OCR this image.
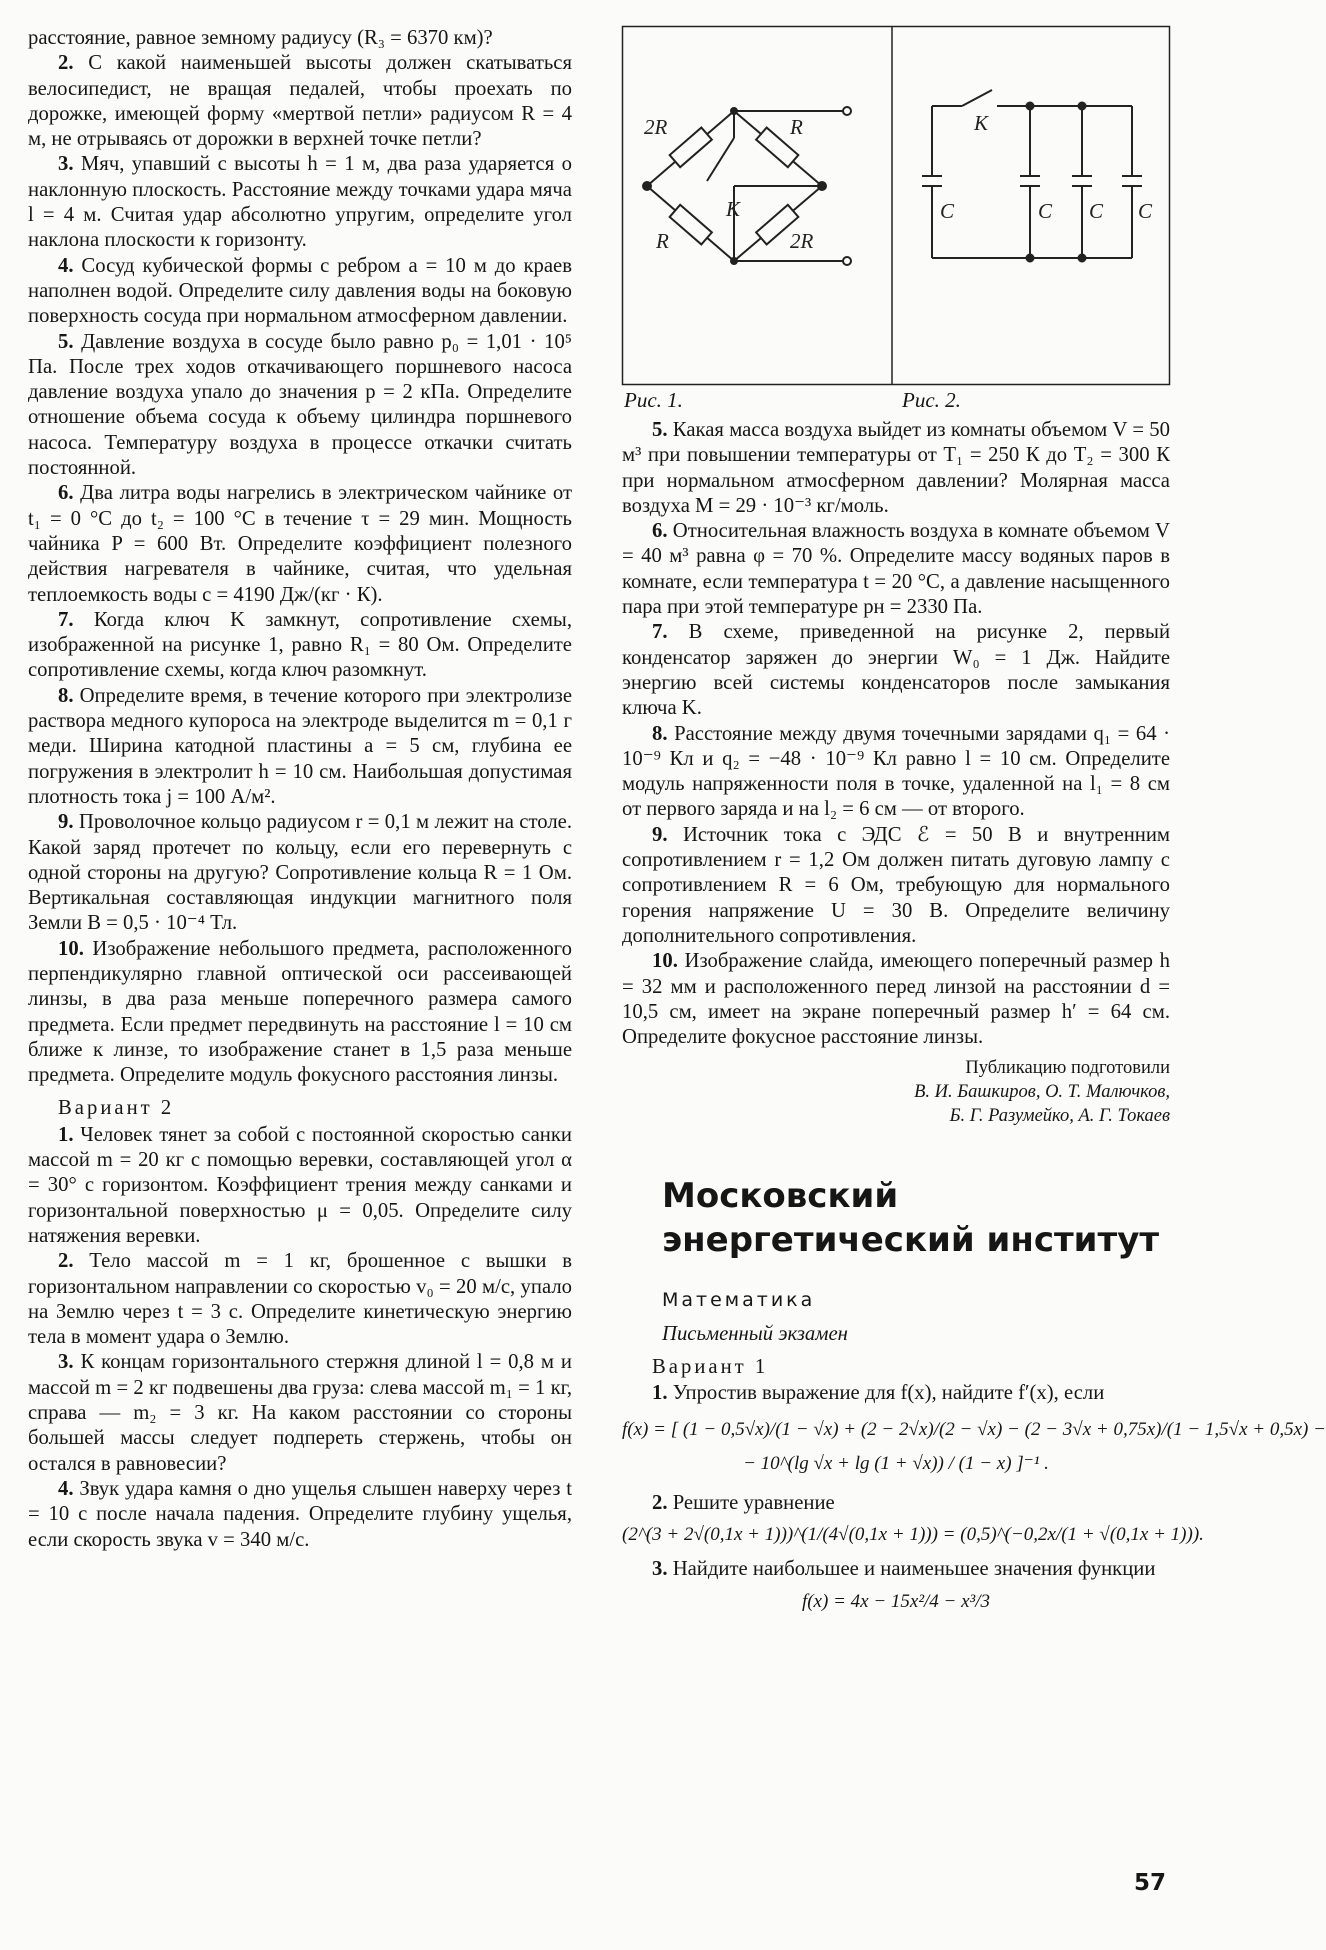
расстояние, равное земному радиусу (R₃ = 6370 км)?

2. С какой наименьшей высоты должен скатываться велосипедист, не вращая педалей, чтобы проехать по дорожке, имеющей форму «мертвой петли» радиусом R = 4 м, не отрываясь от дорожки в верхней точке петли?

3. Мяч, упавший с высоты h = 1 м, два раза ударяется о наклонную плоскость. Расстояние между точками удара мяча l = 4 м. Считая удар абсолютно упругим, определите угол наклона плоскости к горизонту.

4. Сосуд кубической формы с ребром a = 10 м до краев наполнен водой. Определите силу давления воды на боковую поверхность сосуда при нормальном атмосферном давлении.

5. Давление воздуха в сосуде было равно p₀ = 1,01 · 10⁵ Па. После трех ходов откачивающего поршневого насоса давление воздуха упало до значения p = 2 кПа. Определите отношение объема сосуда к объему цилиндра поршневого насоса. Температуру воздуха в процессе откачки считать постоянной.

6. Два литра воды нагрелись в электрическом чайнике от t₁ = 0 °С до t₂ = 100 °С в течение τ = 29 мин. Мощность чайника P = 600 Вт. Определите коэффициент полезного действия нагревателя в чайнике, считая, что удельная теплоемкость воды c = 4190 Дж/(кг · К).

7. Когда ключ K замкнут, сопротивление схемы, изображенной на рисунке 1, равно R₁ = 80 Ом. Определите сопротивление схемы, когда ключ разомкнут.

8. Определите время, в течение которого при электролизе раствора медного купороса на электроде выделится m = 0,1 г меди. Ширина катодной пластины a = 5 см, глубина ее погружения в электролит h = 10 см. Наибольшая допустимая плотность тока j = 100 А/м².

9. Проволочное кольцо радиусом r = 0,1 м лежит на столе. Какой заряд протечет по кольцу, если его перевернуть с одной стороны на другую? Сопротивление кольца R = 1 Ом. Вертикальная составляющая индукции магнитного поля Земли B = 0,5 · 10⁻⁴ Тл.

10. Изображение небольшого предмета, расположенного перпендикулярно главной оптической оси рассеивающей линзы, в два раза меньше поперечного размера самого предмета. Если предмет передвинуть на расстояние l = 10 см ближе к линзе, то изображение станет в 1,5 раза меньше предмета. Определите модуль фокусного расстояния линзы.

Вариант 2

1. Человек тянет за собой с постоянной скоростью санки массой m = 20 кг с помощью веревки, составляющей угол α = 30° с горизонтом. Коэффициент трения между санками и горизонтальной поверхностью μ = 0,05. Определите силу натяжения веревки.

2. Тело массой m = 1 кг, брошенное с вышки в горизонтальном направлении со скоростью v₀ = 20 м/с, упало на Землю через t = 3 с. Определите кинетическую энергию тела в момент удара о Землю.

3. К концам горизонтального стержня длиной l = 0,8 м и массой m = 2 кг подвешены два груза: слева массой m₁ = 1 кг, справа — m₂ = 3 кг. На каком расстоянии со стороны большей массы следует подпереть стержень, чтобы он остался в равновесии?

4. Звук удара камня о дно ущелья слышен наверху через t = 10 с после начала падения. Определите глубину ущелья, если скорость звука v = 340 м/с.

2R	R
K
R	2R
K
C	C C C
Рис. 1.	Рис. 2.

5. Какая масса воздуха выйдет из комнаты объемом V = 50 м³ при повышении температуры от T₁ = 250 К до T₂ = 300 К при нормальном атмосферном давлении? Молярная масса воздуха M = 29 · 10⁻³ кг/моль.

6. Относительная влажность воздуха в комнате объемом V = 40 м³ равна φ = 70 %. Определите массу водяных паров в комнате, если температура t = 20 °С, а давление насыщенного пара при этой температуре pн = 2330 Па.

7. В схеме, приведенной на рисунке 2, первый конденсатор заряжен до энергии W₀ = 1 Дж. Найдите энергию всей системы конденсаторов после замыкания ключа K.

8. Расстояние между двумя точечными зарядами q₁ = 64 · 10⁻⁹ Кл и q₂ = −48 · 10⁻⁹ Кл равно l = 10 см. Определите модуль напряженности поля в точке, удаленной на l₁ = 8 см от первого заряда и на l₂ = 6 см — от второго.

9. Источник тока с ЭДС ℰ = 50 В и внутренним сопротивлением r = 1,2 Ом должен питать дуговую лампу с сопротивлением R = 6 Ом, требующую для нормального горения напряжение U = 30 В. Определите величину дополнительного сопротивления.

10. Изображение слайда, имеющего поперечный размер h = 32 мм и расположенного перед линзой на расстоянии d = 10,5 см, имеет на экране поперечный размер h′ = 64 см. Определите фокусное расстояние линзы.

Публикацию подготовили
В. И. Башкиров, О. Т. Малючков,
Б. Г. Разумейко, А. Г. Токаев
Московский
энергетический институт
Математика
Письменный экзамен
Вариант 1

1. Упростив выражение для f(x), найдите f′(x), если

f(x) = [ (1 − 0,5√x)/(1 − √x) + (2 − 2√x)/(2 − √x) − (2 − 3√x + 0,75x)/(1 − 1,5√x + 0,5x) −
− 10^(lg √x + lg (1 + √x)) / (1 − x) ]⁻¹ .

2. Решите уравнение

(2^(3 + 2√(0,1x + 1)))^(1/(4√(0,1x + 1))) = (0,5)^(−0,2x/(1 + √(0,1x + 1))).

3. Найдите наибольшее и наименьшее значения функции

f(x) = 4x − 15x²/4 − x³/3
57
